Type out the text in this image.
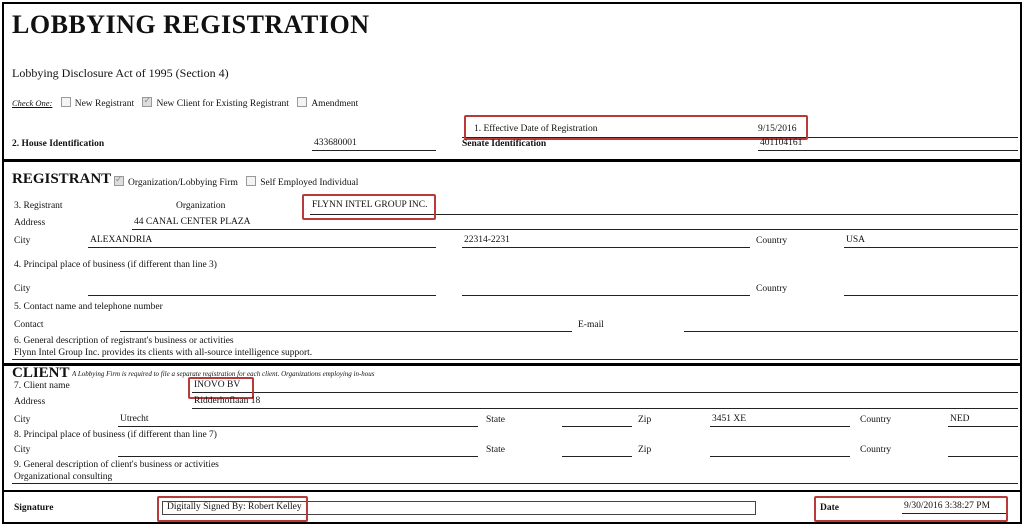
LOBBYING REGISTRATION
Lobbying Disclosure Act of 1995 (Section 4)
Check One: New Registrant ✓ New Client for Existing Registrant Amendment
1. Effective Date of Registration	9/15/2016
2. House Identification	433680001	Senate Identification	401104161
REGISTRANT ✓	Organization/Lobbying Firm Self Employed Individual
3. Registrant	Organization	FLYNN INTEL GROUP INC.
Address	44 CANAL CENTER PLAZA
City	ALEXANDRIA	22314-2231	Country	USA
4. Principal place of business (if different than line 3)
City	Country
5. Contact name and telephone number
Contact	E-mail
6. General description of registrant's business or activities
Flynn Intel Group Inc. provides its clients with all-source intelligence support.
CLIENT A Lobbying Firm is required to file a separate registration for each client. Organizations employing in-hous
7. Client name	INOVO BV
Address	Ridderhoflaan 18
City	Utrecht	State	Zip	3451 XE	Country	NED
8. Principal place of business (if different than line 7)
City	State	Zip	Country
9. General description of client's business or activities
Organizational consulting
Signature	Digitally Signed By: Robert Kelley	Date	9/30/2016 3:38:27 PM
